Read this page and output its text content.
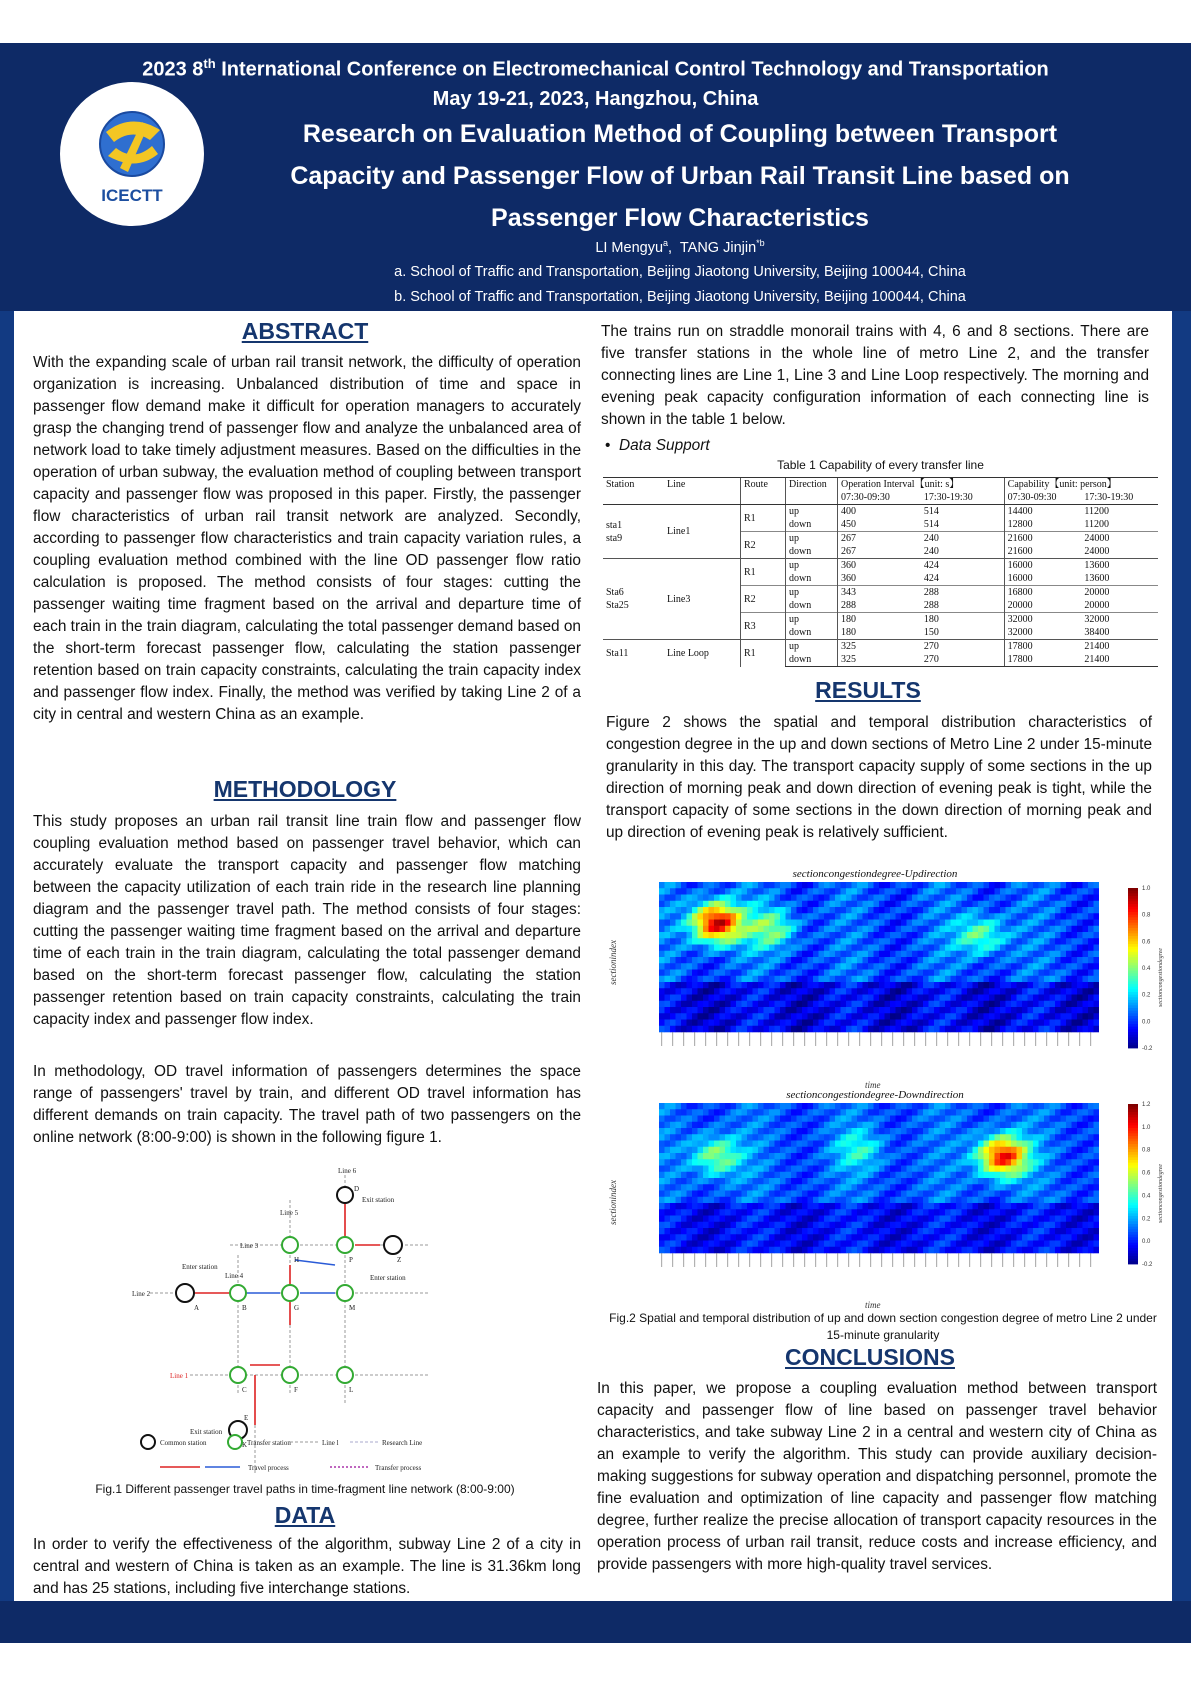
2023 8th International Conference on Electromechanical Control Technology and Transportation
May 19-21, 2023, Hangzhou, China
Research on Evaluation Method of Coupling between Transport
Capacity and Passenger Flow of Urban Rail Transit Line based on
Passenger Flow Characteristics
LI Mengyu$^a$,  TANG Jinjin$^{*b}$
a. School of Traffic and Transportation, Beijing Jiaotong University, Beijing 100044, China
b. School of Traffic and Transportation, Beijing Jiaotong University, Beijing 100044, China
ICECTT
ABSTRACT
With the expanding scale of urban rail transit network, the difficulty of operation organization is increasing. Unbalanced distribution of time and space in passenger flow demand make it difficult for operation managers to accurately grasp the changing trend of passenger flow and analyze the unbalanced area of network load to take timely adjustment measures. Based on the difficulties in the operation of urban subway, the evaluation method of coupling between transport capacity and passenger flow was proposed in this paper. Firstly, the passenger flow characteristics of urban rail transit network are analyzed. Secondly, according to passenger flow characteristics and train capacity variation rules, a coupling evaluation method combined with the line OD passenger flow ratio calculation is proposed. The method consists of four stages: cutting the passenger waiting time fragment based on the arrival and departure time of each train in the train diagram, calculating the total passenger demand based on the short-term forecast passenger flow, calculating the station passenger retention based on train capacity constraints, calculating the train capacity index and passenger flow index. Finally, the method was verified by taking Line 2 of a city in central and western China as an example.
METHODOLOGY
This study proposes an urban rail transit line train flow and passenger flow coupling evaluation method based on passenger travel behavior, which can accurately evaluate the transport capacity and passenger flow matching between the capacity utilization of each train ride in the research line planning diagram and the passenger travel path. The method consists of four stages: cutting the passenger waiting time fragment based on the arrival and departure time of each train in the train diagram, calculating the total passenger demand based on the short-term forecast passenger flow, calculating the station passenger retention based on train capacity constraints, calculating the train capacity index and passenger flow index.
In methodology, OD travel information of passengers determines the space range of passengers' travel by train, and different OD travel information has different demands on train capacity. The travel path of two passengers on the online network (8:00-9:00) is shown in the following figure 1.
Line 6
Line 5
Line 3
Line 4
Line 2
Line 1
A	B	G	M
C	F	L
K
H	Z
D
E
P
Exit station
Enter station
Enter station
Exit station
Common station	Transfer station	Line l	Research Line
Travel process	Transfer process
Fig.1 Different passenger travel paths in time-fragment line network (8:00-9:00)
DATA
In order to verify the effectiveness of the algorithm, subway Line 2 of a city in central and western of China is taken as an example. The line is 31.36km long and has 25 stations, including five interchange stations.
The trains run on straddle monorail trains with 4, 6 and 8 sections. There are five transfer stations in the whole line of metro Line 2, and the transfer connecting lines are Line 1, Line 3 and Line Loop respectively. The morning and evening peak capacity configuration information of each connecting line is shown in the table 1 below.
•  Data Support
Table 1 Capability of every transfer line
Station	Line	Route	Direction	Operation Interval【unit: s】		Capability【unit: person】	
				07:30-09:30	17:30-19:30	07:30-09:30	17:30-19:30
sta1
sta9	Line1	R1	up	400	514	14400	11200
			down	450	514	12800	11200
		R2	up	267	240	21600	24000
			down	267	240	21600	24000
Sta6
Sta25	Line3	R1	up	360	424	16000	13600
			down	360	424	16000	13600
		R2	up	343	288	16800	20000
			down	288	288	20000	20000
		R3	up	180	180	32000	32000
			down	180	150	32000	38400
Sta11	Line Loop	R1	up	325	270	17800	21400
			down	325	270	17800	21400
RESULTS
Figure 2 shows the spatial and temporal distribution characteristics of congestion degree in the up and down sections of Metro Line 2 under 15-minute granularity in this day. The transport capacity supply of some sections in the up direction of morning peak and down direction of evening peak is tight, while the transport capacity of some sections in the down direction of morning peak and up direction of evening peak is relatively sufficient.
sectioncongestiondegree-Updirection
sectionindex
time
1.0
0.8
0.6
0.4
0.2
0.0
-0.2
sectioncongestiondegree
sectioncongestiondegree-Downdirection
sectionindex
time
1.2
1.0
0.8
0.6
0.4
0.2
0.0
-0.2
sectioncongestiondegree
Fig.2 Spatial and temporal distribution of up and down section congestion degree of metro Line 2 under 15-minute granularity
CONCLUSIONS
In this paper, we propose a coupling evaluation method between transport capacity and passenger flow of line based on passenger travel behavior characteristics, and take subway Line 2 in a central and western city of China as an example to verify the algorithm. This study can provide auxiliary decision-making suggestions for subway operation and dispatching personnel, promote the fine evaluation and optimization of line capacity and passenger flow matching degree, further realize the precise allocation of transport capacity resources in the operation process of urban rail transit, reduce costs and increase efficiency, and provide passengers with more high-quality travel services.
